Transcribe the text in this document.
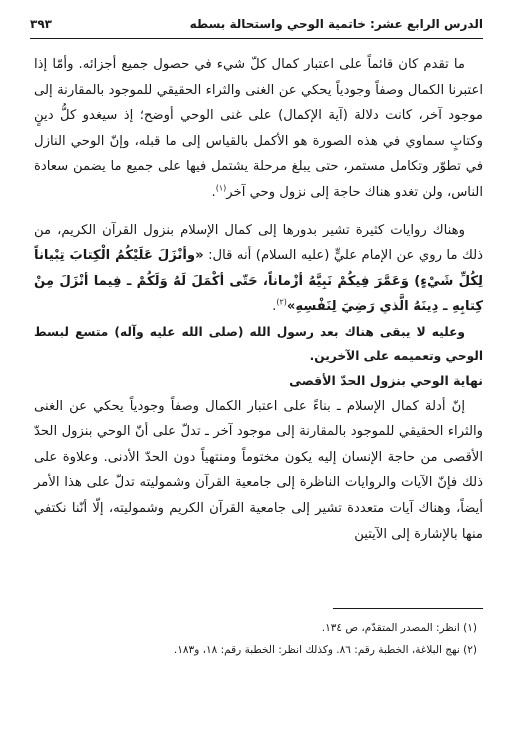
الدرس الرابع عشر: خاتمية الوحي واستحالة بسطه
٣٩٣

ما تقدم كان قائماً على اعتبار كمال كلّ شيء في حصول جميع أجزائه. وأمّا إذا اعتبرنا الكمال وصفاً وجودياً يحكي عن الغنى والثراء الحقيقي للموجود بالمقارنة إلى موجود آخر، كانت دلالة (آية الإكمال) على غنى الوحي أوضح؛ إذ سيغدو كلُّ دينٍ وكتابٍ سماوي في هذه الصورة هو الأكمل بالقياس إلى ما قبله، وإنّ الوحي النازل في تطوّر وتكامل مستمر، حتى يبلغ مرحلة يشتمل فيها على جميع ما يضمن سعادة الناس، ولن تغدو هناك حاجة إلى نزول وحي آخر$^{(١)}$.

وهناك روايات كثيرة تشير بدورها إلى كمال الإسلام بنزول القرآن الكريم، من ذلك ما روي عن الإمام عليٍّ (عليه السلام) أنه قال: «وأنْزَلَ عَلَيْكُمُ الْكِتابَ تِبْياناً لِكُلِّ شَيْءٍ) وَعَمَّرَ فِيكُمْ نَبِيَّهُ أزْماناً، حَتّى أكْمَلَ لَهُ وَلَكُمْ ـ فِيما أنْزَلَ مِنْ كِتابِهِ ـ دِينَهُ الَّذي رَضِيَ لِنَفْسِهِ»$^{(٢)}$.

وعليه لا يبقى هناك بعد رسول الله (صلى الله عليه وآله) متسع لبسط الوحي وتعميمه على الآخرين.

نهاية الوحي بنزول الحدّ الأقصى

إنّ أدلة كمال الإسلام ـ بناءً على اعتبار الكمال وصفاً وجودياً يحكي عن الغنى والثراء الحقيقي للموجود بالمقارنة إلى موجود آخر ـ تدلّ على أنّ الوحي بنزول الحدّ الأقصى من حاجة الإنسان إليه يكون مختوماً ومنتهياً دون الحدّ الأدنى. وعلاوة على ذلك فإنّ الآيات والروايات الناظرة إلى جامعية القرآن وشموليته تدلّ على هذا الأمر أيضاً، وهناك آيات متعددة تشير إلى جامعية القرآن الكريم وشموليته، إلّا أنّنا نكتفي منها بالإشارة إلى الآيتين

(١) انظر: المصدر المتقدّم، ص ١٣٤.
(٢) نهج البلاغة، الخطبة رقم: ٨٦. وكذلك انظر: الخطبة رقم: ١٨، و١٨٣.
